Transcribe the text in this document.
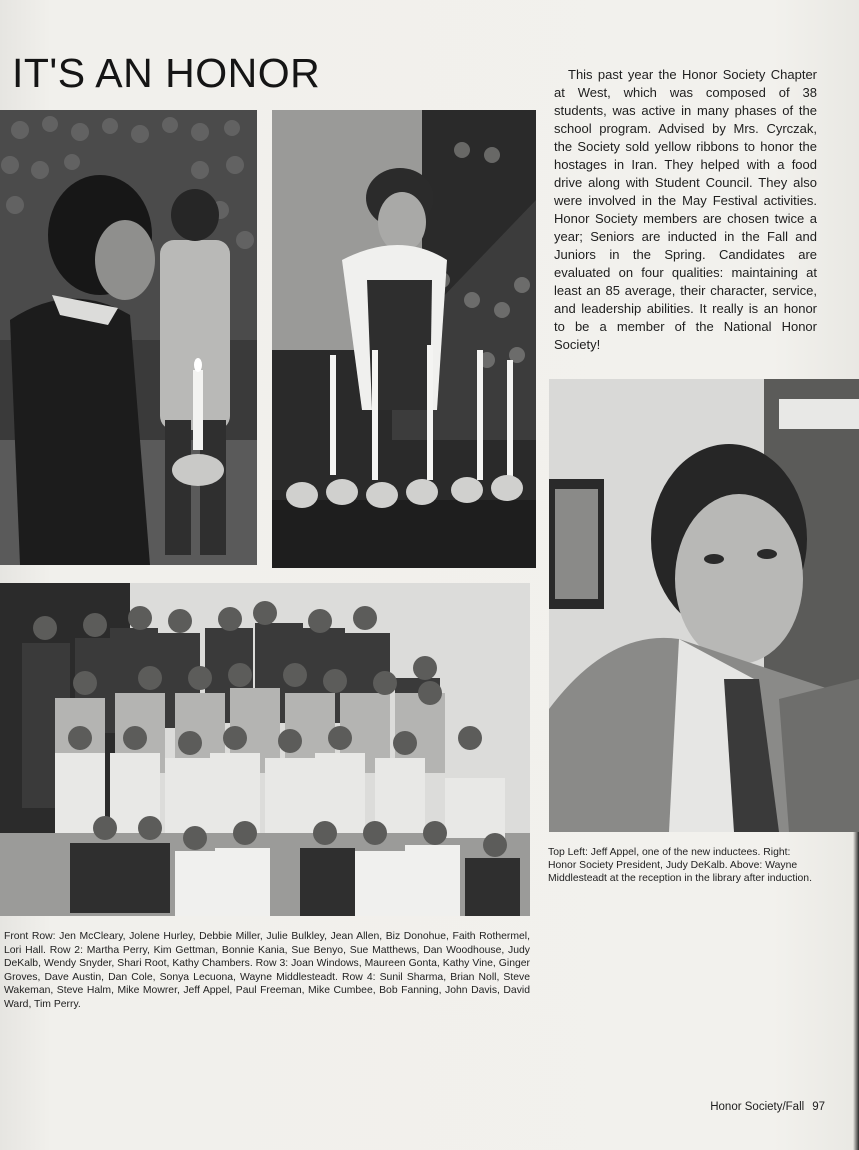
IT'S AN HONOR	This past year the Honor Society Chapter at West, which was composed of 38 students, was active in many phases of the school program. Advised by Mrs. Cyrczak, the Society sold yellow ribbons to honor the hostages in Iran. They helped with a food drive along with Student Council. They also were involved in the May Festival activities. Honor Society members are chosen twice a year; Seniors are inducted in the Fall and Juniors in the Spring. Candidates are evaluated on four qualities: maintaining at least an 85 average, their character, service, and leadership abilities. It really is an honor to be a member of the National Honor Society!

Top Left: Jeff Appel, one of the new inductees. Right: Honor Society President, Judy DeKalb. Above: Wayne Middlesteadt at the reception in the library after induction.

Front Row: Jen McCleary, Jolene Hurley, Debbie Miller, Julie Bulkley, Jean Allen, Biz Donohue, Faith Rothermel, Lori Hall. Row 2: Martha Perry, Kim Gettman, Bonnie Kania, Sue Benyo, Sue Matthews, Dan Woodhouse, Judy DeKalb, Wendy Snyder, Shari Root, Kathy Chambers. Row 3: Joan Windows, Maureen Gonta, Kathy Vine, Ginger Groves, Dave Austin, Dan Cole, Sonya Lecuona, Wayne Middlesteadt. Row 4: Sunil Sharma, Brian Noll, Steve Wakeman, Steve Halm, Mike Mowrer, Jeff Appel, Paul Freeman, Mike Cumbee, Bob Fanning, John Davis, David Ward, Tim Perry.

Honor Society/Fall 97
